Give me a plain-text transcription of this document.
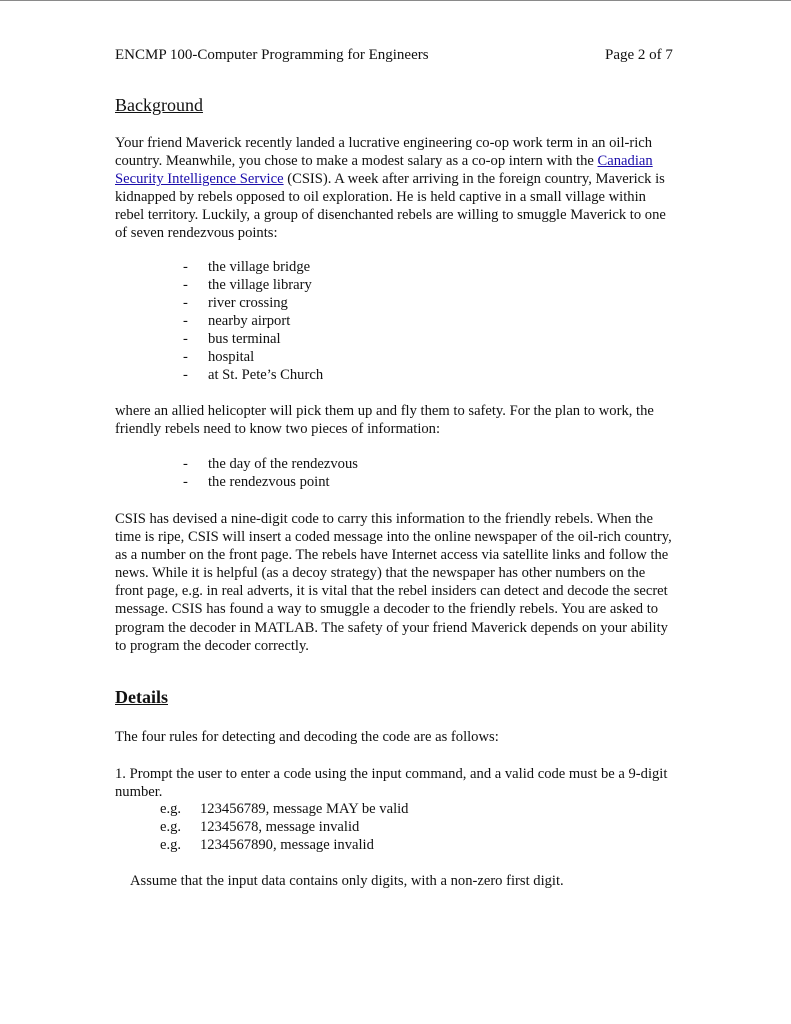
ENCMP 100-Computer Programming for Engineers	Page 2 of 7
Background

Your friend Maverick recently landed a lucrative engineering co-op work term in an oil-rich country. Meanwhile, you chose to make a modest salary as a co-op intern with the Canadian Security Intelligence Service (CSIS). A week after arriving in the foreign country, Maverick is kidnapped by rebels opposed to oil exploration. He is held captive in a small village within rebel territory. Luckily, a group of disenchanted rebels are willing to smuggle Maverick to one of seven rendezvous points:

- the village bridge
- the village library
- river crossing
- nearby airport
- bus terminal
- hospital
- at St. Pete’s Church

where an allied helicopter will pick them up and fly them to safety. For the plan to work, the friendly rebels need to know two pieces of information:

- the day of the rendezvous
- the rendezvous point

CSIS has devised a nine-digit code to carry this information to the friendly rebels. When the time is ripe, CSIS will insert a coded message into the online newspaper of the oil-rich country, as a number on the front page. The rebels have Internet access via satellite links and follow the news. While it is helpful (as a decoy strategy) that the newspaper has other numbers on the front page, e.g. in real adverts, it is vital that the rebel insiders can detect and decode the secret message. CSIS has found a way to smuggle a decoder to the friendly rebels. You are asked to program the decoder in MATLAB. The safety of your friend Maverick depends on your ability to program the decoder correctly.

Details
The four rules for detecting and decoding the code are as follows:

1. Prompt the user to enter a code using the input command, and a valid code must be a 9-digit number.

e.g. 123456789, message MAY be valid
e.g. 12345678, message invalid
e.g. 1234567890, message invalid
Assume that the input data contains only digits, with a non-zero first digit.
